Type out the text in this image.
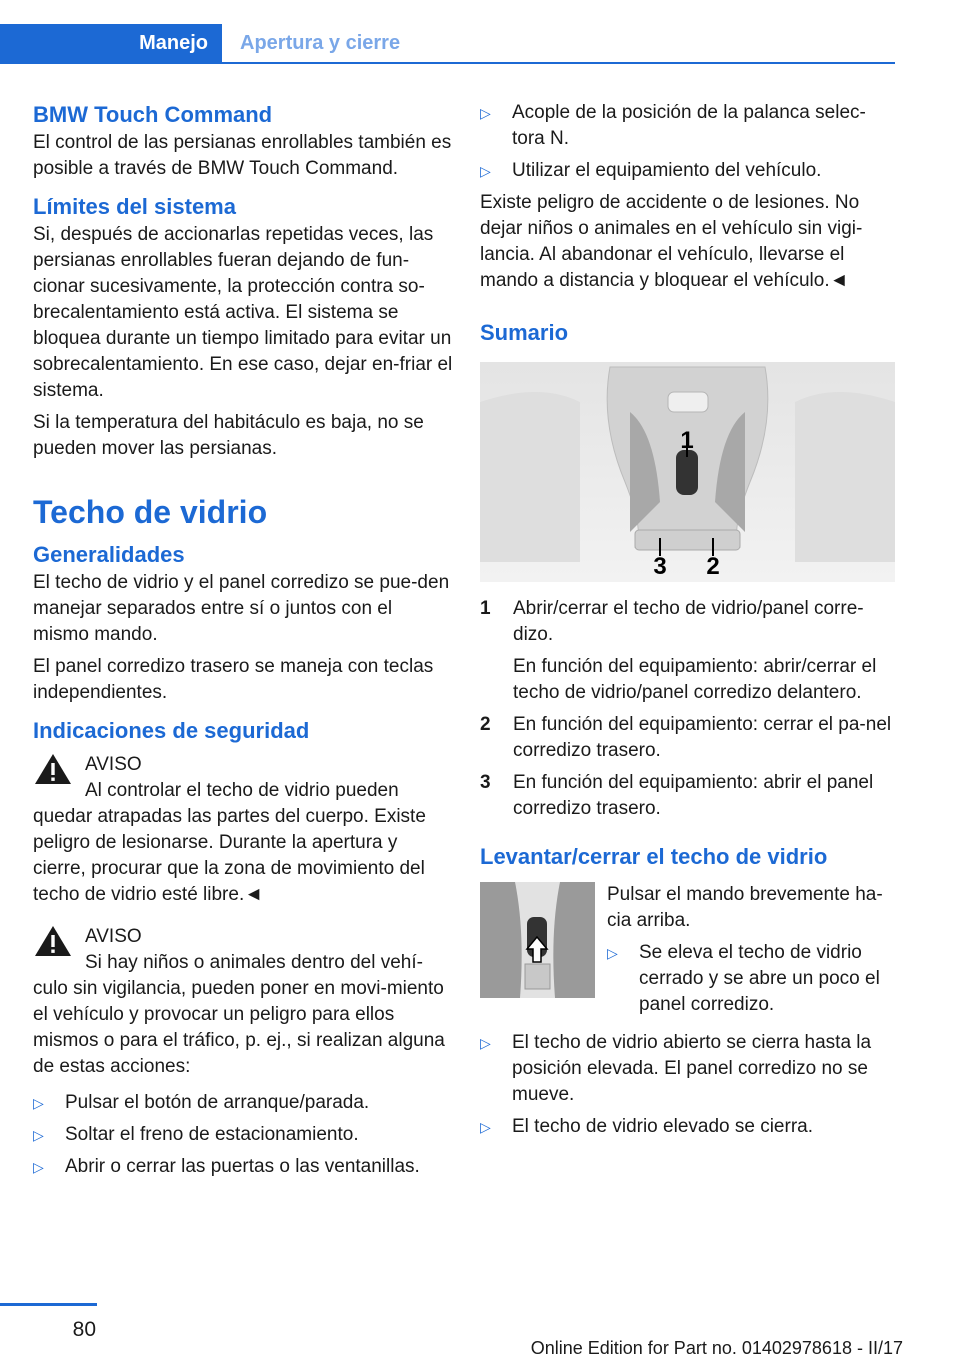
Manejo	Apertura y cierre
BMW Touch Command

El control de las persianas enrollables también es posible a través de BMW Touch Command.

Límites del sistema

Si, después de accionarlas repetidas veces, las persianas enrollables fueran dejando de fun‐cionar sucesivamente, la protección contra so‐brecalentamiento está activa. El sistema se bloquea durante un tiempo limitado para evitar un sobrecalentamiento. En ese caso, dejar en‐friar el sistema.

Si la temperatura del habitáculo es baja, no se pueden mover las persianas.

Techo de vidrio
Generalidades

El techo de vidrio y el panel corredizo se pue‐den manejar separados entre sí o juntos con el mismo mando.

El panel corredizo trasero se maneja con teclas independientes.

Indicaciones de seguridad

AVISO

Al controlar el techo de vidrio pueden

quedar atrapadas las partes del cuerpo. Existe peligro de lesionarse. Durante la apertura y cierre, procurar que la zona de movimiento del techo de vidrio esté libre.◄

AVISO

Si hay niños o animales dentro del vehí‐

culo sin vigilancia, pueden poner en movi‐miento el vehículo y provocar un peligro para ellos mismos o para el tráfico, p. ej., si realizan alguna de estas acciones:

▷ Pulsar el botón de arranque/parada.
▷ Soltar el freno de estacionamiento.
▷ Abrir o cerrar las puertas o las ventanillas.
▷ Acople de la posición de la palanca selec‐tora N.
▷ Utilizar el equipamiento del vehículo.

Existe peligro de accidente o de lesiones. No dejar niños o animales en el vehículo sin vigi‐lancia. Al abandonar el vehículo, llevarse el mando a distancia y bloquear el vehículo.◄

Sumario
1
3 2
1 Abrir/cerrar el techo de vidrio/panel corre‐dizo.

En función del equipamiento: abrir/cerrar el techo de vidrio/panel corredizo delantero.

2 En función del equipamiento: cerrar el pa‐nel corredizo trasero.
3 En función del equipamiento: abrir el panel corredizo trasero.
Levantar/cerrar el techo de vidrio

Pulsar el mando brevemente ha‐cia arriba.

▷ Se eleva el techo de vidrio cerrado y se abre un poco el panel corredizo.
▷ El techo de vidrio abierto se cierra hasta la posición elevada. El panel corredizo no se mueve.
▷ El techo de vidrio elevado se cierra.
80
Online Edition for Part no. 01402978618 - II/17
